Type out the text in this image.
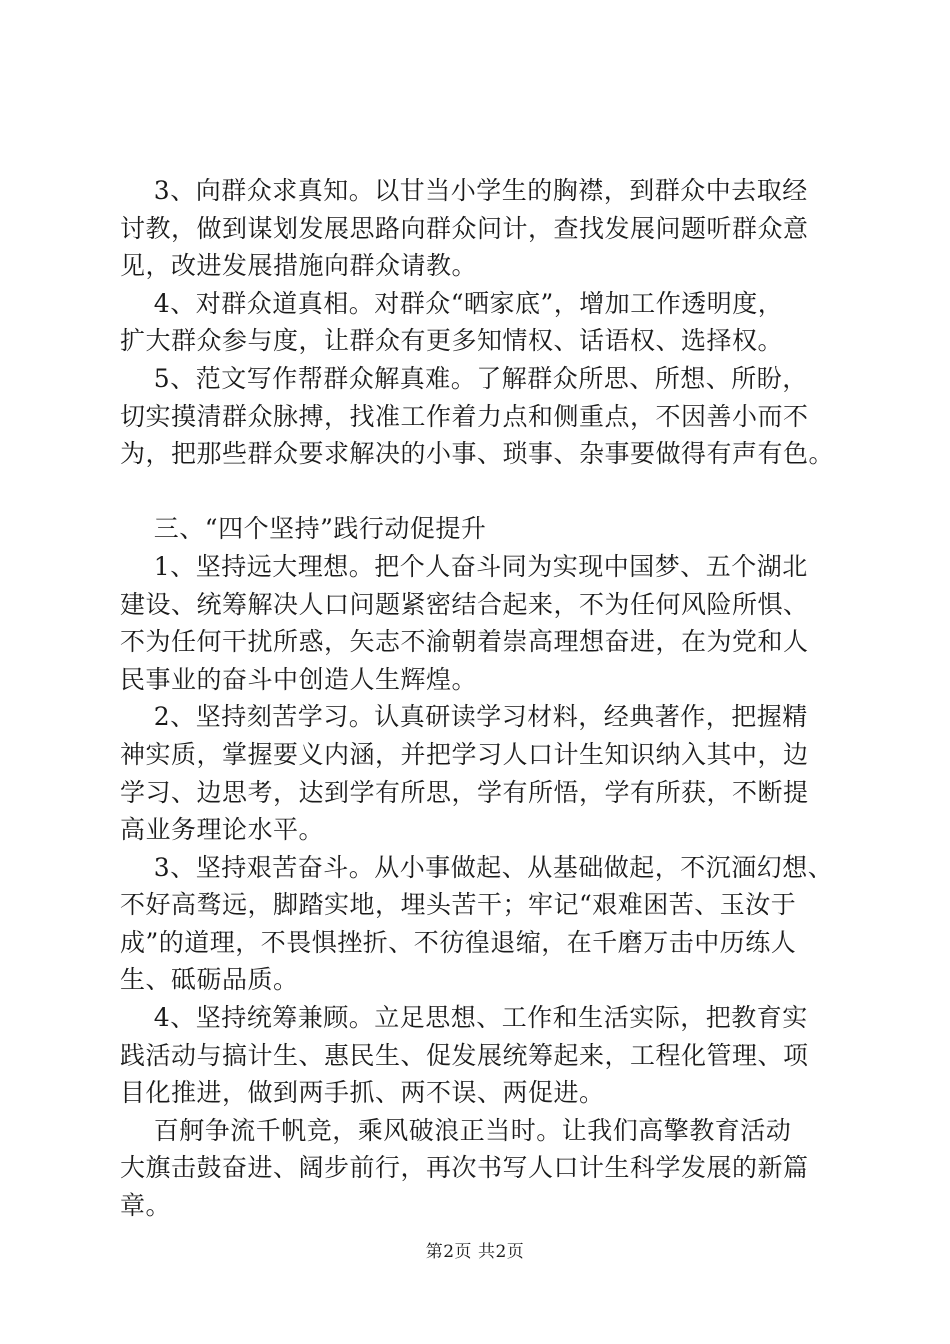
3、向群众求真知。以甘当小学生的胸襟，到群众中去取经
讨教，做到谋划发展思路向群众问计，查找发展问题听群众意
见，改进发展措施向群众请教。
4、对群众道真相。对群众“晒家底”，增加工作透明度，
扩大群众参与度，让群众有更多知情权、话语权、选择权。
5、范文写作帮群众解真难。了解群众所思、所想、所盼，
切实摸清群众脉搏，找准工作着力点和侧重点，不因善小而不
为，把那些群众要求解决的小事、琐事、杂事要做得有声有色。
三、“四个坚持”践行动促提升
1、坚持远大理想。把个人奋斗同为实现中国梦、五个湖北
建设、统筹解决人口问题紧密结合起来，不为任何风险所惧、
不为任何干扰所惑，矢志不渝朝着崇高理想奋进，在为党和人
民事业的奋斗中创造人生辉煌。
2、坚持刻苦学习。认真研读学习材料，经典著作，把握精
神实质，掌握要义内涵，并把学习人口计生知识纳入其中，边
学习、边思考，达到学有所思，学有所悟，学有所获，不断提
高业务理论水平。
3、坚持艰苦奋斗。从小事做起、从基础做起，不沉湎幻想、
不好高骛远，脚踏实地，埋头苦干；牢记“艰难困苦、玉汝于
成”的道理，不畏惧挫折、不彷徨退缩，在千磨万击中历练人
生、砥砺品质。
4、坚持统筹兼顾。立足思想、工作和生活实际，把教育实
践活动与搞计生、惠民生、促发展统筹起来，工程化管理、项
目化推进，做到两手抓、两不误、两促进。
百舸争流千帆竞，乘风破浪正当时。让我们高擎教育活动
大旗击鼓奋进、阔步前行，再次书写人口计生科学发展的新篇
章。
第2页 共2页
